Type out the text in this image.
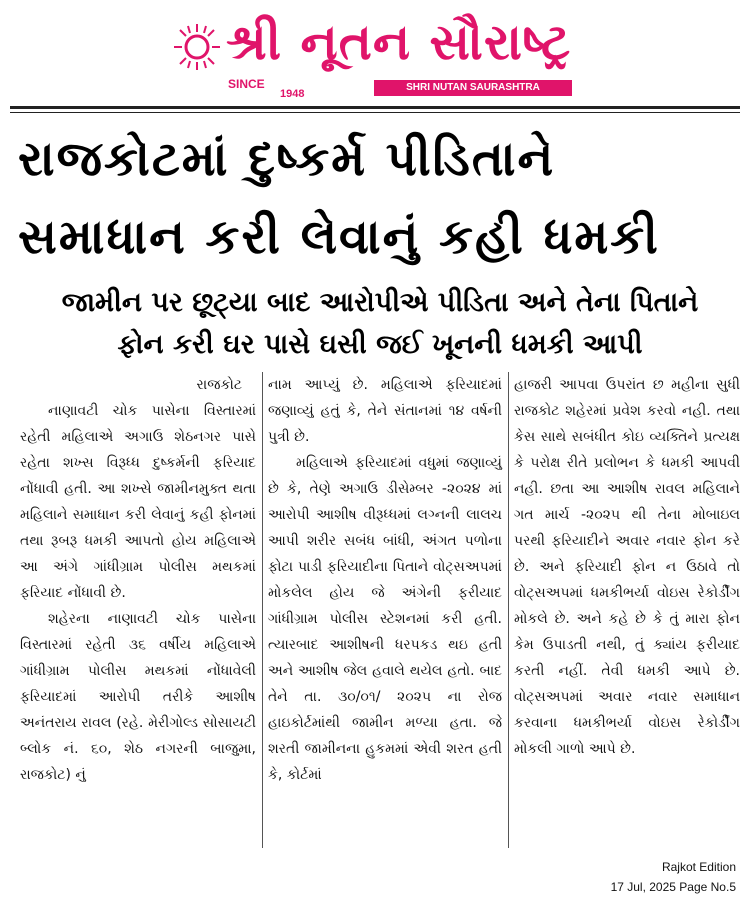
શ્રી નૂતન સૌરાષ્ટ્ર
SINCE
1948
SHRI NUTAN SAURASHTRA
રાજકોટમાં દુષ્કર્મ પીડિતાને
સમાધાન કરી લેવાનું કહી ધમકી
જામીન પર છૂટ્યા બાદ આરોપીએ પીડિતા અને તેના પિતાને
ફોન કરી ઘર પાસે ઘસી જઈ ખૂનની ધમકી આપી

રાજકોટ

નાણાવટી ચોક પાસેના વિસ્તારમાં રહેતી મહિલાએ અગાઉ શેઠનગર પાસે રહેતા શખ્સ વિરૂધ્ધ દુષ્કર્મની ફરિયાદ નોંધાવી હતી. આ શખ્સે જામીનમુક્ત થતા મહિલાને સમાધાન કરી લેવાનું કહી ફોનમાં તથા રૂબરૂ ધમકી આપતો હોય મહિલાએ આ અંગે ગાંધીગ્રામ પોલીસ મથકમાં ફરિયાદ નોંધાવી છે.

શહેરના નાણાવટી ચોક પાસેના વિસ્તારમાં રહેતી ૩૬ વર્ષીય મહિલાએ ગાંધીગ્રામ પોલીસ મથકમાં નોંધાવેલી ફરિયાદમાં આરોપી તરીકે આશીષ અનંતરાય રાવલ (રહે. મેરીગોલ્ડ સોસાયટી બ્લોક નં. ૬૦, શેઠ નગરની બાજુમા, રાજકોટ) નું

નામ આપ્યું છે. મહિલાએ ફરિયાદમાં જણાવ્યું હતું કે, તેને સંતાનમાં ૧૪ વર્ષની પુત્રી છે.

મહિલાએ ફરિયાદમાં વધુમાં જણાવ્યું છે કે, તેણે અગાઉ ડીસેમ્બર -૨૦૨૪ માં આરોપી આશીષ વીરૂધ્ધમાં લગ્નની લાલચ આપી શરીર સબંધ બાંધી, અંગત પળોના ફોટા પાડી ફરિયાદીના પિતાને વોટ્સઅપમાં મોકલેલ હોય જે અંગેની ફરીયાદ ગાંધીગ્રામ પોલીસ સ્ટેશનમાં કરી હતી. ત્યારબાદ આશીષની ધરપકડ થઇ હતી અને આશીષ જેલ હવાલે થયેલ હતો. બાદ તેને તા. ૩૦/૦૧/ ૨૦૨૫ ના રોજ હાઇકોર્ટમાંથી જામીન મળ્યા હતા. જે શરતી જામીનના હુકમમાં એવી શરત હતી કે, કોર્ટમાં

હાજરી આપવા ઉપરાંત છ મહીના સુધી રાજકોટ શહેરમાં પ્રવેશ કરવો નહી. તથા કેસ સાથે સબંધીત કોઇ વ્યક્તિને પ્રત્યક્ષ કે પરોક્ષ રીતે પ્રલોભન કે ધમકી આપવી નહી. છતા આ આશીષ રાવલ મહિલાને ગત માર્ચ -૨૦૨૫ થી તેના મોબાઇલ પરથી ફરિયાદીને અવાર નવાર ફોન કરે છે. અને ફરિયાદી ફોન ન ઉઠાવે તો વોટ્સઅપમાં ધમકીભર્યા વોઇસ રેકોર્ડીંગ મોકલે છે. અને કહે છે કે તું મારા ફોન કેમ ઉપાડતી નથી, તું ક્યાંય ફરીયાદ કરતી નહીં. તેવી ધમકી આપે છે. વોટ્સઅપમાં અવાર નવાર સમાધાન કરવાના ધમકીભર્યા વોઇસ રેકોર્ડીંગ મોકલી ગાળો આપે છે.

Rajkot Edition
17 Jul, 2025 Page No.5
